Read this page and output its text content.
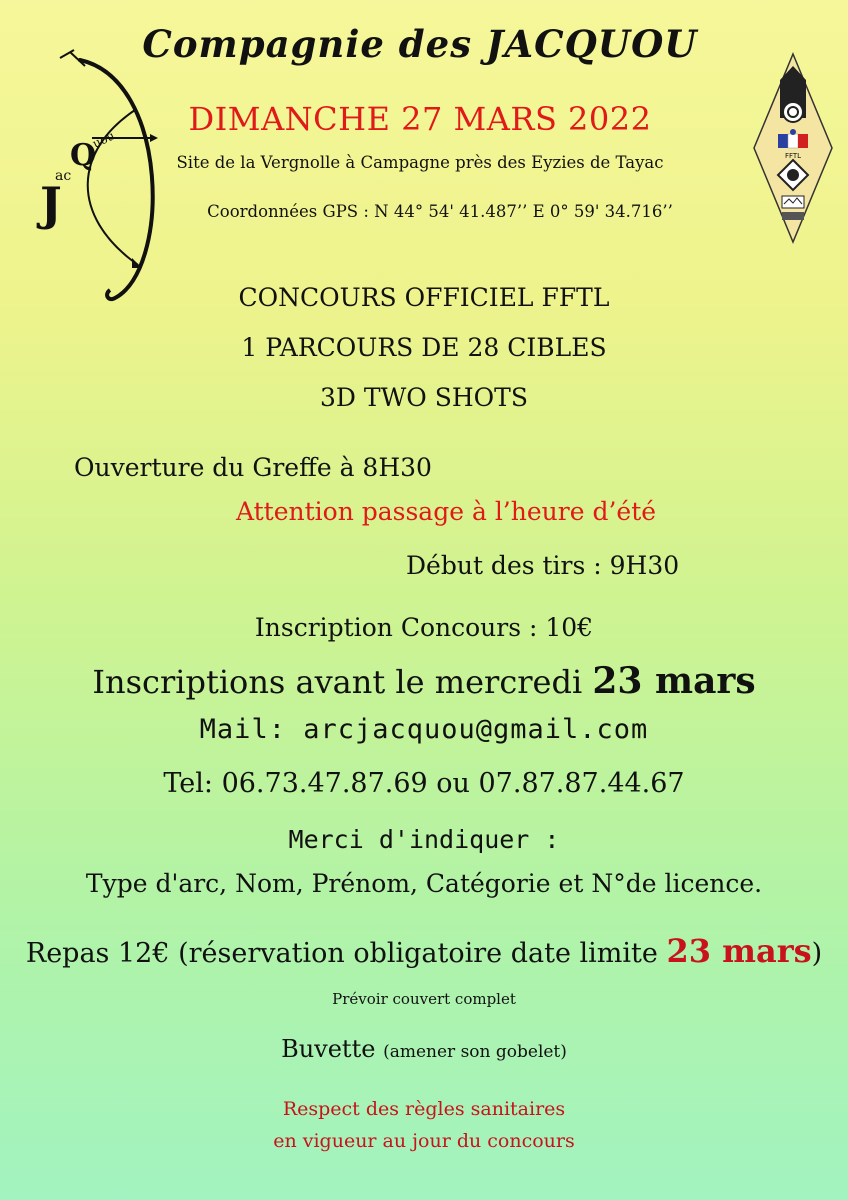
J
ac
Q
uou
FFTL
Compagnie des JACQUOU
DIMANCHE 27 MARS 2022
Site de la Vergnolle à Campagne près des Eyzies de Tayac
Coordonnées GPS : N 44° 54' 41.487’’ E 0° 59' 34.716’’
CONCOURS OFFICIEL FFTL
1 PARCOURS DE 28 CIBLES
3D TWO SHOTS
Ouverture du Greffe à 8H30
Attention passage à l’heure d’été
Début des tirs : 9H30
Inscription Concours : 10€
Inscriptions avant le mercredi 23 mars
Mail: arcjacquou@gmail.com
Tel: 06.73.47.87.69 ou 07.87.87.44.67
Merci d'indiquer :
Type d'arc, Nom, Prénom, Catégorie et N°de licence.
Repas 12€ (réservation obligatoire date limite 23 mars)
Prévoir couvert complet
Buvette (amener son gobelet)
Respect des règles sanitaires
en vigueur au jour du concours
